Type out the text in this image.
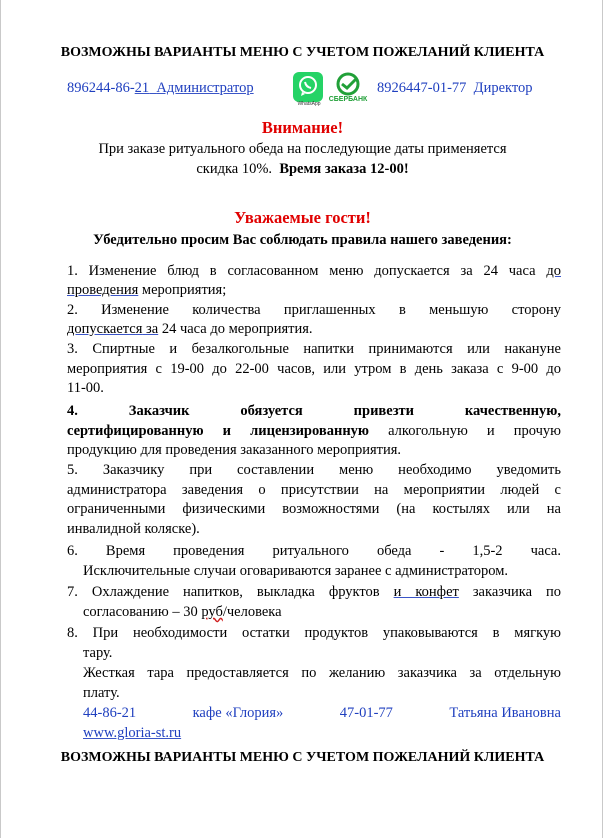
ВОЗМОЖНЫ ВАРИАНТЫ МЕНЮ С УЧЕТОМ ПОЖЕЛАНИЙ КЛИЕНТА
896244-86-21 Администратор
WhatsApp
СБЕРБАНК
8926447-01-77 Директор
Внимание!
При заказе ритуального обеда на последующие даты применяется
скидка 10%. Время заказа 12-00!
Уважаемые гости!
Убедительно просим Вас соблюдать правила нашего заведения:
1. Изменение блюд в согласованном меню допускается за 24 часа до
проведения мероприятия;
2. Изменение количества приглашенных в меньшую сторону
допускается за 24 часа до мероприятия.
3. Спиртные и безалкогольные напитки принимаются или накануне
мероприятия с 19-00 до 22-00 часов, или утром в день заказа с 9-00 до
11-00.
4. Заказчик обязуется привезти качественную,
сертифицированную и лицензированную алкогольную и прочую
продукцию для проведения заказанного мероприятия.
5. Заказчику при составлении меню необходимо уведомить
администратора заведения о присутствии на мероприятии людей с
ограниченными физическими возможностями (на костылях или на
инвалидной коляске).
6. Время проведения ритуального обеда - 1,5-2 часа.
Исключительные случаи оговариваются заранее с администратором.
7. Охлаждение напитков, выкладка фруктов и конфет заказчика по
согласованию – 30 руб/человека
8. При необходимости остатки продуктов упаковываются в мягкую
тару.
Жесткая тара предоставляется по желанию заказчика за отдельную
плату.
44-86-21	кафе «Глория»	47-01-77	Татьяна Ивановна
www.gloria-st.ru
ВОЗМОЖНЫ ВАРИАНТЫ МЕНЮ С УЧЕТОМ ПОЖЕЛАНИЙ КЛИЕНТА
